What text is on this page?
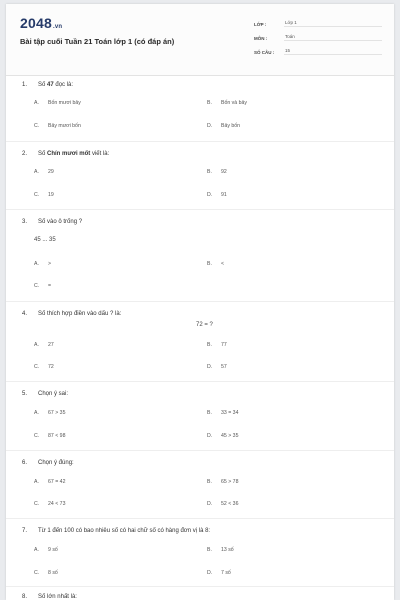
2048.vn
Bài tập cuối Tuần 21 Toán lớp 1 (có đáp án)
LỚP :	Lớp 1
MÔN :	Toán
SỐ CÂU :	15
1.	Số 47 đọc là:
A.	Bốn mươi bảy	B.	Bốn và bảy
C.	Bảy mươi bốn	D.	Bảy bốn
2.	Số Chín mươi mốt viết là:
A.	29	B.	92
C.	19	D.	91
3.	Số vào ô trống ?
45 ... 35
A.	>	B.	<
C.	=
4.	Số thích hợp điền vào dấu ? là:
72 = ?
A.	27	B.	77
C.	72	D.	57
5.	Chọn ý sai:
A.	67 > 35	B.	33 = 34
C.	87 < 98	D.	45 > 35
6.	Chọn ý đúng:
A.	67 = 42	B.	65 > 78
C.	24 < 73	D.	52 < 36
7.	Từ 1 đến 100 có bao nhiêu số có hai chữ số có hàng đơn vị là 8:
A.	9 số	B.	13 số
C.	8 số	D.	7 số
8.	Số lớn nhất là:
